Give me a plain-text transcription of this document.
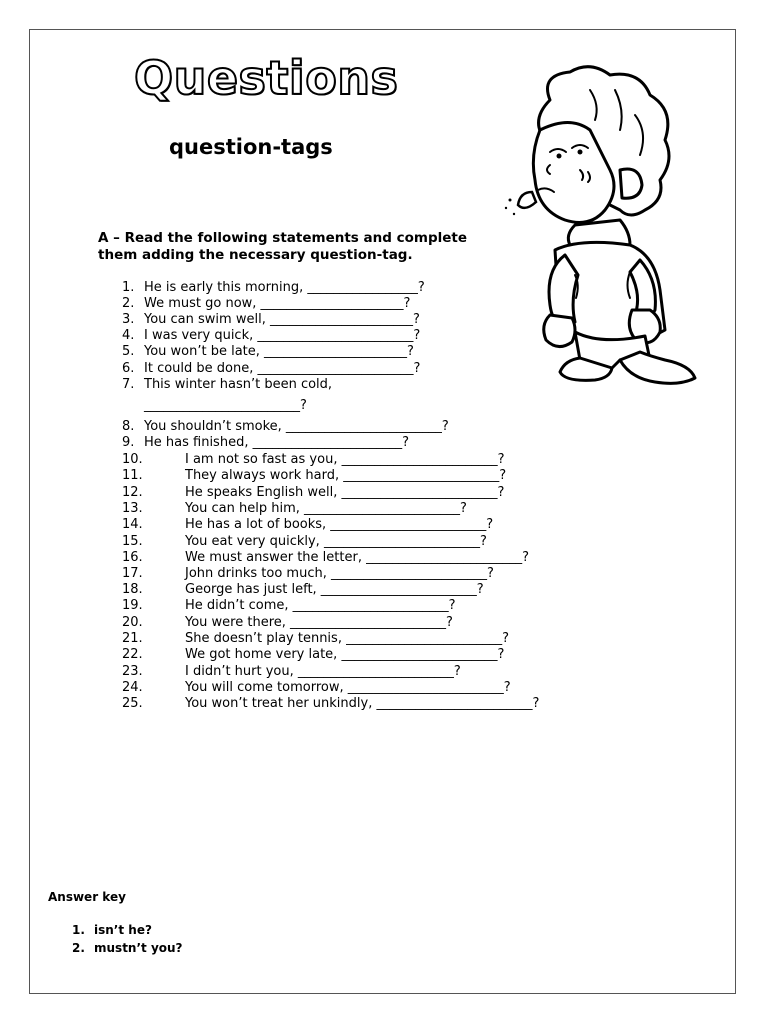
Questions
question-tags
A – Read the following statements and complete
them adding the necessary question-tag.
1. He is early this morning, _________________?
2. We must go now, ______________________?
3. You can swim well, ______________________?
4. I was very quick, ________________________?
5. You won’t be late, ______________________?
6. It could be done, ________________________?
7. This winter hasn’t been cold,
________________________?
8. You shouldn’t smoke, ________________________?
9. He has finished, _______________________?
10.	I am not so fast as you, ________________________?
11.	They always work hard, ________________________?
12.	He speaks English well, ________________________?
13.	You can help him, ________________________?
14.	He has a lot of books, ________________________?
15.	You eat very quickly, ________________________?
16.	We must answer the letter, ________________________?
17.	John drinks too much, ________________________?
18.	George has just left, ________________________?
19.	He didn’t come, ________________________?
20.	You were there, ________________________?
21.	She doesn’t play tennis, ________________________?
22.	We got home very late, ________________________?
23.	I didn’t hurt you, ________________________?
24.	You will come tomorrow, ________________________?
25.	You won’t treat her unkindly, ________________________?
Answer key
1. isn’t he?
2. mustn’t you?
